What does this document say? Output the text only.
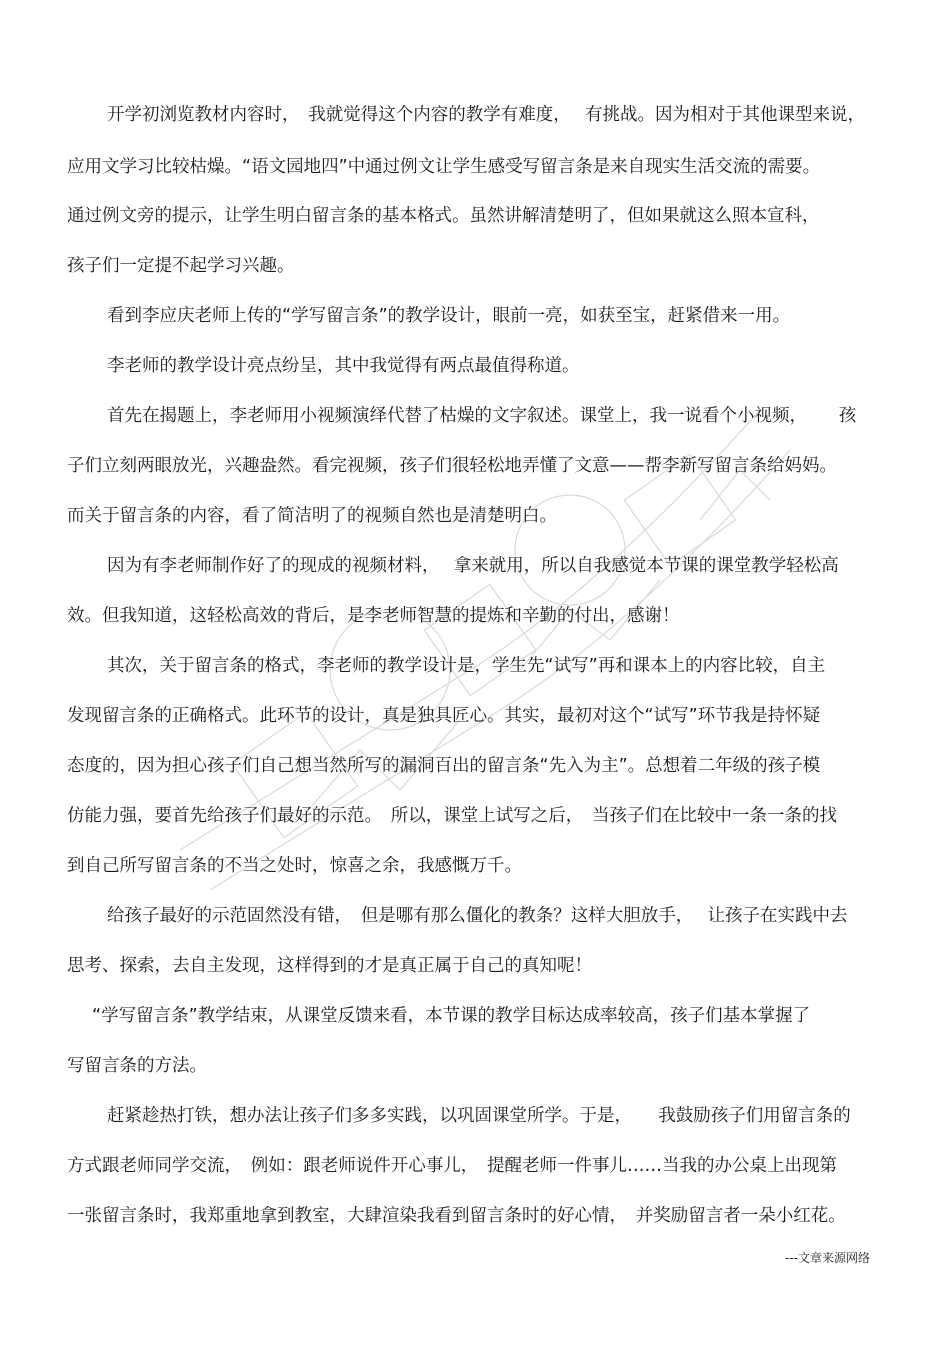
开学初浏览教材内容时，　我就觉得这个内容的教学有难度，　 有挑战。因为相对于其他课型来说，
应用文学习比较枯燥。“语文园地四”中通过例文让学生感受写留言条是来自现实生活交流的需要。
通过例文旁的提示，让学生明白留言条的基本格式。虽然讲解清楚明了，但如果就这么照本宣科，
孩子们一定提不起学习兴趣。
看到李应庆老师上传的“学写留言条”的教学设计，眼前一亮，如获至宝，赶紧借来一用。
李老师的教学设计亮点纷呈，其中我觉得有两点最值得称道。
首先在揭题上，李老师用小视频演绎代替了枯燥的文字叙述。课堂上，我一说看个小视频，　　 孩
子们立刻两眼放光，兴趣盎然。看完视频，孩子们很轻松地弄懂了文意——帮李新写留言条给妈妈。
而关于留言条的内容，看了简洁明了的视频自然也是清楚明白。
因为有李老师制作好了的现成的视频材料，　 拿来就用，所以自我感觉本节课的课堂教学轻松高
效。但我知道，这轻松高效的背后，是李老师智慧的提炼和辛勤的付出，感谢！
其次，关于留言条的格式，李老师的教学设计是，学生先“试写”再和课本上的内容比较，自主
发现留言条的正确格式。此环节的设计，真是独具匠心。其实，最初对这个“试写”环节我是持怀疑
态度的，因为担心孩子们自己想当然所写的漏洞百出的留言条“先入为主”。总想着二年级的孩子模
仿能力强，要首先给孩子们最好的示范。　所以，课堂上试写之后，　当孩子们在比较中一条一条的找
到自己所写留言条的不当之处时，惊喜之余，我感慨万千。
给孩子最好的示范固然没有错，　但是哪有那么僵化的教条？这样大胆放手，　 让孩子在实践中去
思考、探索，去自主发现，这样得到的才是真正属于自己的真知呢！
“学写留言条”教学结束，从课堂反馈来看，本节课的教学目标达成率较高，孩子们基本掌握了
写留言条的方法。
赶紧趁热打铁，想办法让孩子们多多实践，以巩固课堂所学。于是，　　我鼓励孩子们用留言条的
方式跟老师同学交流，　例如：跟老师说件开心事儿，　提醒老师一件事儿……当我的办公桌上出现第
一张留言条时，我郑重地拿到教室，大肆渲染我看到留言条时的好心情，　并奖励留言者一朵小红花。
---文章来源网络
